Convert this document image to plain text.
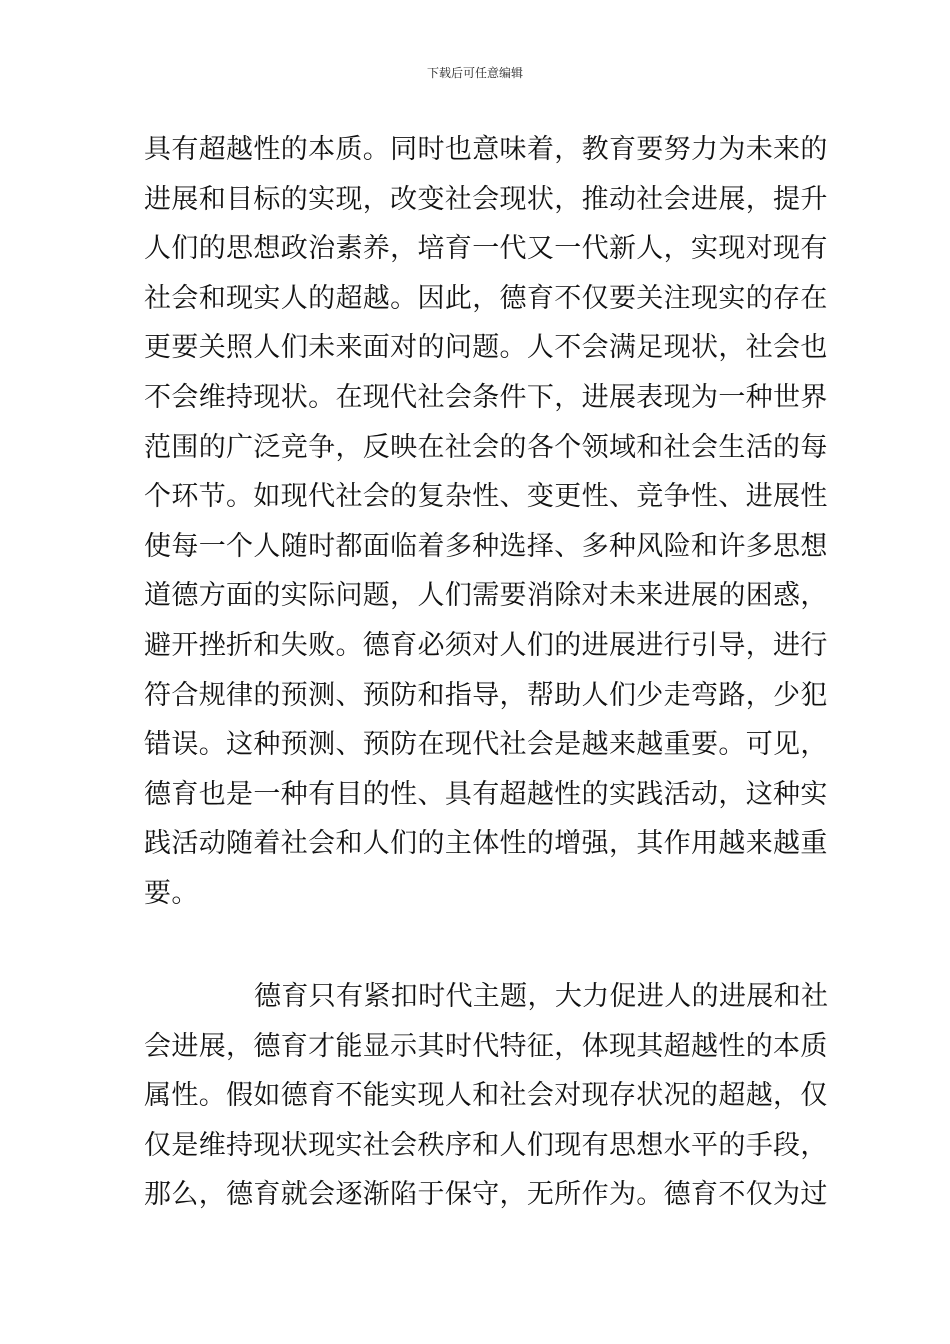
下载后可任意编辑
具有超越性的本质。同时也意味着，教育要努力为未来的
进展和目标的实现，改变社会现状，推动社会进展，提升
人们的思想政治素养，培育一代又一代新人，实现对现有
社会和现实人的超越。因此，德育不仅要关注现实的存在
更要关照人们未来面对的问题。人不会满足现状，社会也
不会维持现状。在现代社会条件下，进展表现为一种世界
范围的广泛竞争，反映在社会的各个领域和社会生活的每
个环节。如现代社会的复杂性、变更性、竞争性、进展性
使每一个人随时都面临着多种选择、多种风险和许多思想
道德方面的实际问题，人们需要消除对未来进展的困惑，
避开挫折和失败。德育必须对人们的进展进行引导，进行
符合规律的预测、预防和指导，帮助人们少走弯路，少犯
错误。这种预测、预防在现代社会是越来越重要。可见，
德育也是一种有目的性、具有超越性的实践活动，这种实
践活动随着社会和人们的主体性的增强，其作用越来越重
要。
德育只有紧扣时代主题，大力促进人的进展和社
会进展，德育才能显示其时代特征，体现其超越性的本质
属性。假如德育不能实现人和社会对现存状况的超越，仅
仅是维持现状现实社会秩序和人们现有思想水平的手段，
那么，德育就会逐渐陷于保守，无所作为。德育不仅为过
